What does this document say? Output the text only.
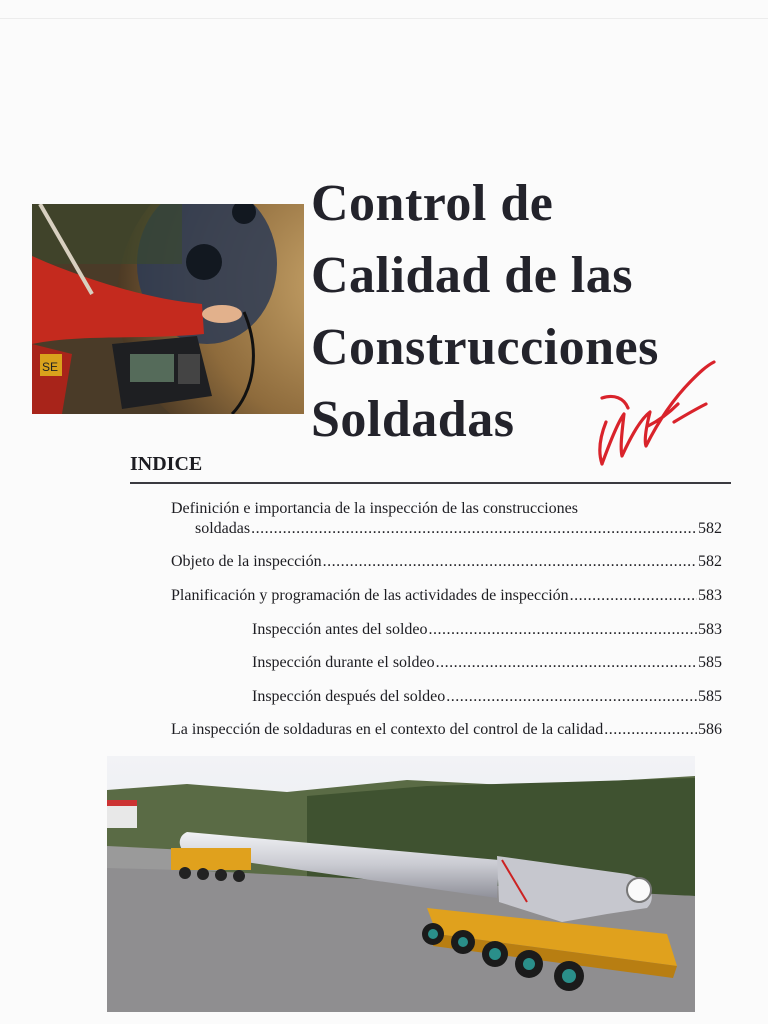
SE
Control de
Calidad de las
Construcciones
Soldadas
INDICE
Definición e importancia de la inspección de las construcciones
soldadas .....	582
Objeto de la inspección .....	582
Planificación y programación de las actividades de inspección .....	583
Inspección antes del soldeo .....	583
Inspección durante el soldeo .....	585
Inspección después del soldeo .....	585
La inspección de soldaduras en el contexto del control de la calidad .....	586
